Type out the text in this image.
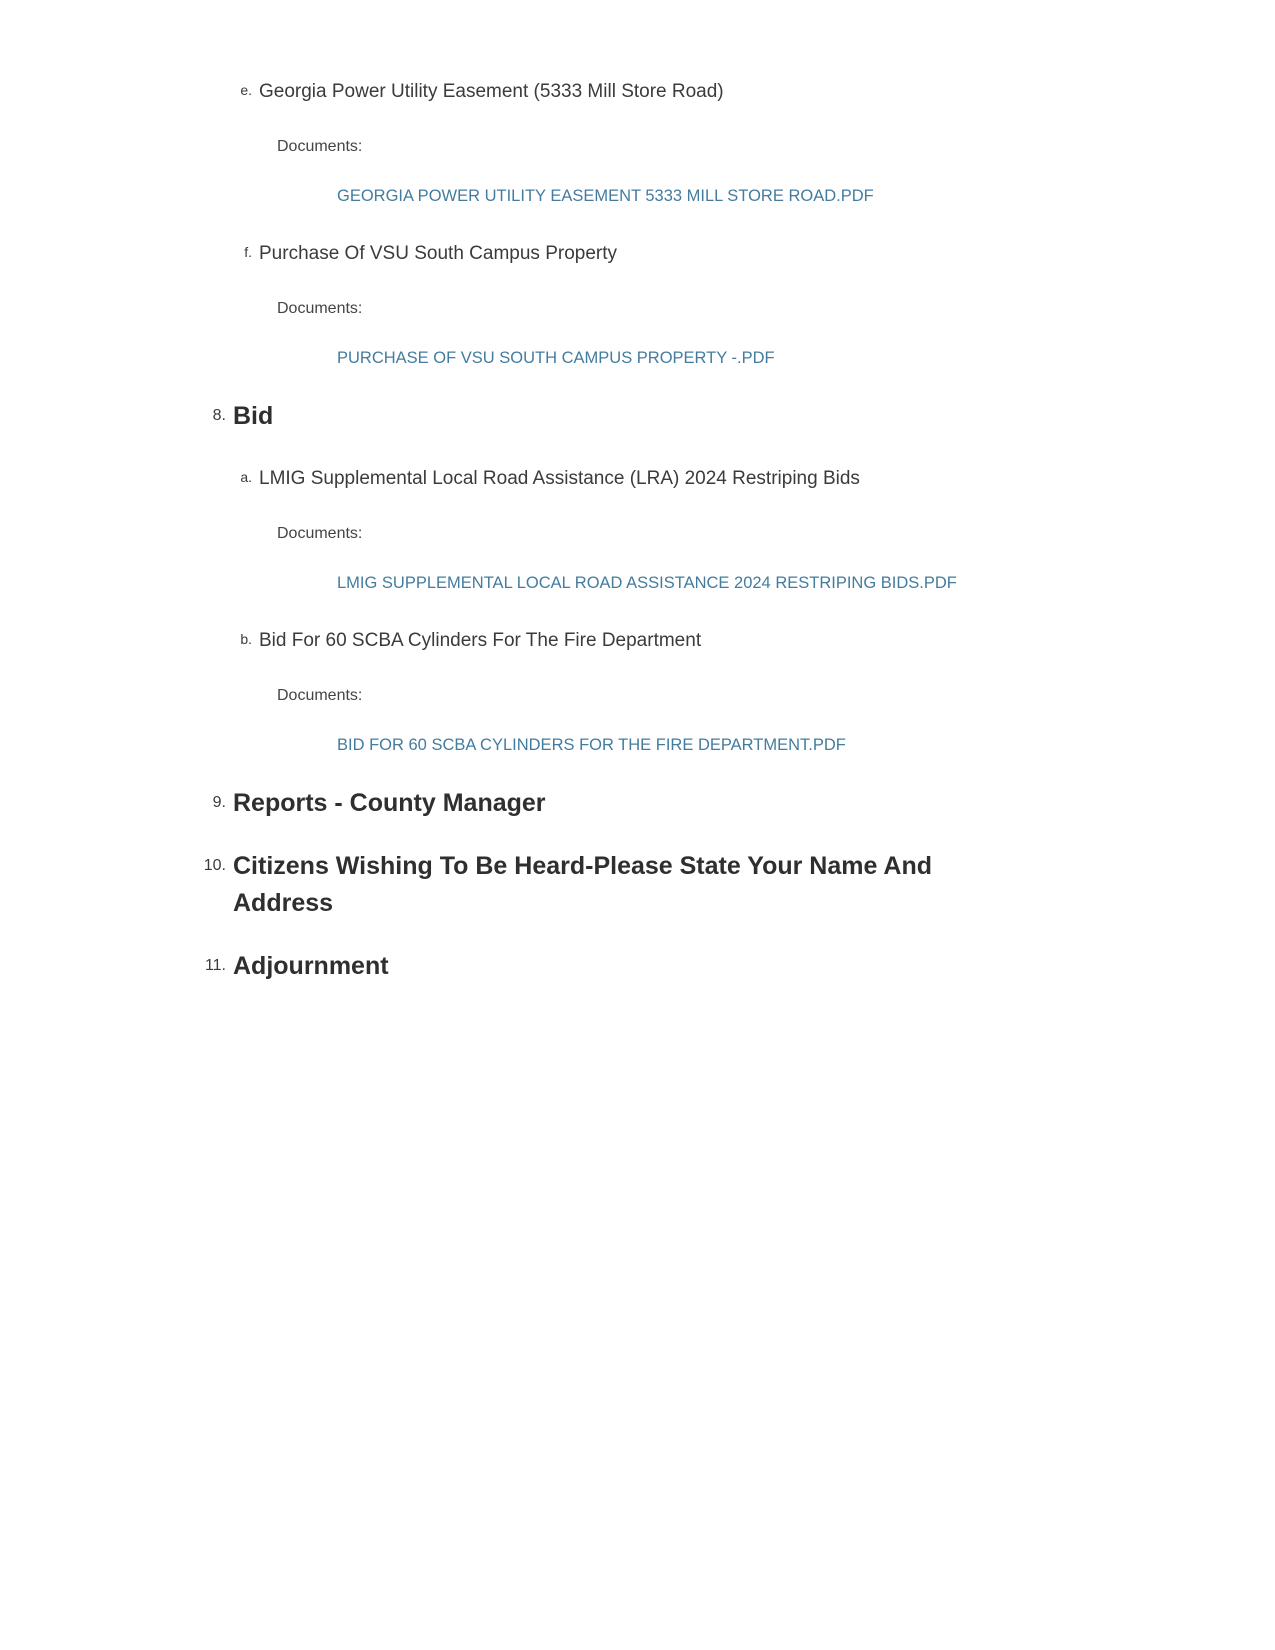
e. Georgia Power Utility Easement (5333 Mill Store Road)
Documents:
GEORGIA POWER UTILITY EASEMENT 5333 MILL STORE ROAD.PDF
f. Purchase Of VSU South Campus Property
Documents:
PURCHASE OF VSU SOUTH CAMPUS PROPERTY -.PDF
8. Bid
a. LMIG Supplemental Local Road Assistance (LRA) 2024 Restriping Bids
Documents:
LMIG SUPPLEMENTAL LOCAL ROAD ASSISTANCE 2024 RESTRIPING BIDS.PDF
b. Bid For 60 SCBA Cylinders For The Fire Department
Documents:
BID FOR 60 SCBA CYLINDERS FOR THE FIRE DEPARTMENT.PDF
9. Reports - County Manager
10. Citizens Wishing To Be Heard-Please State Your Name And Address
11. Adjournment
